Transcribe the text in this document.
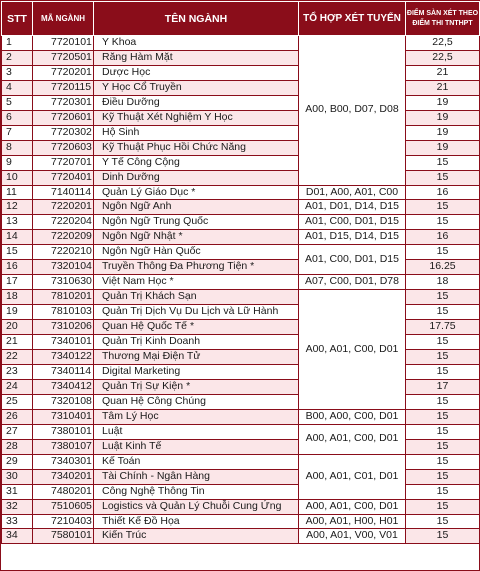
STT	MÃ NGÀNH	TÊN NGÀNH	TỔ HỢP XÉT TUYỂN	ĐIỂM SÀN XÉT THEO ĐIỂM THI TNTHPT
1	7720101	Y Khoa	A00, B00, D07, D08	22,5
2	7720501	Răng Hàm Mặt		22,5
3	7720201	Dược Học		21
4	7720115	Y Học Cổ Truyền		21
5	7720301	Điều Dưỡng		19
6	7720601	Kỹ Thuật Xét Nghiệm Y Học		19
7	7720302	Hộ Sinh		19
8	7720603	Kỹ Thuật Phục Hồi Chức Năng		19
9	7720701	Y Tế Công Cộng		15
10	7720401	Dinh Dưỡng		15
11	7140114	Quản Lý Giáo Dục *	D01, A00, A01, C00	16
12	7220201	Ngôn Ngữ Anh	A01, D01, D14, D15	15
13	7220204	Ngôn Ngữ Trung Quốc	A01, C00, D01, D15	15
14	7220209	Ngôn Ngữ Nhật *	A01, D15, D14, D15	16
15	7220210	Ngôn Ngữ Hàn Quốc	A01, C00, D01, D15	15
16	7320104	Truyền Thông Đa Phương Tiện *		16.25
17	7310630	Việt Nam Học *	A07, C00, D01, D78	18
18	7810201	Quản Trị Khách Sạn	A00, A01, C00, D01	15
19	7810103	Quản Trị Dịch Vụ Du Lịch và Lữ Hành		15
20	7310206	Quan Hệ Quốc Tế *		17.75
21	7340101	Quản Trị Kinh Doanh		15
22	7340122	Thương Mại Điện Tử		15
23	7340114	Digital Marketing		15
24	7340412	Quản Trị Sự Kiện *		17
25	7320108	Quan Hệ Công Chúng		15
26	7310401	Tâm Lý Học	B00, A00, C00, D01	15
27	7380101	Luật	A00, A01, C00, D01	15
28	7380107	Luật Kinh Tế		15
29	7340301	Kế Toán	A00, A01, C01, D01	15
30	7340201	Tài Chính - Ngân Hàng		15
31	7480201	Công Nghệ Thông Tin		15
32	7510605	Logistics và Quản Lý Chuỗi Cung Ứng	A00, A01, C00, D01	15
33	7210403	Thiết Kế Đồ Họa	A00, A01, H00, H01	15
34	7580101	Kiến Trúc	A00, A01, V00, V01	15
